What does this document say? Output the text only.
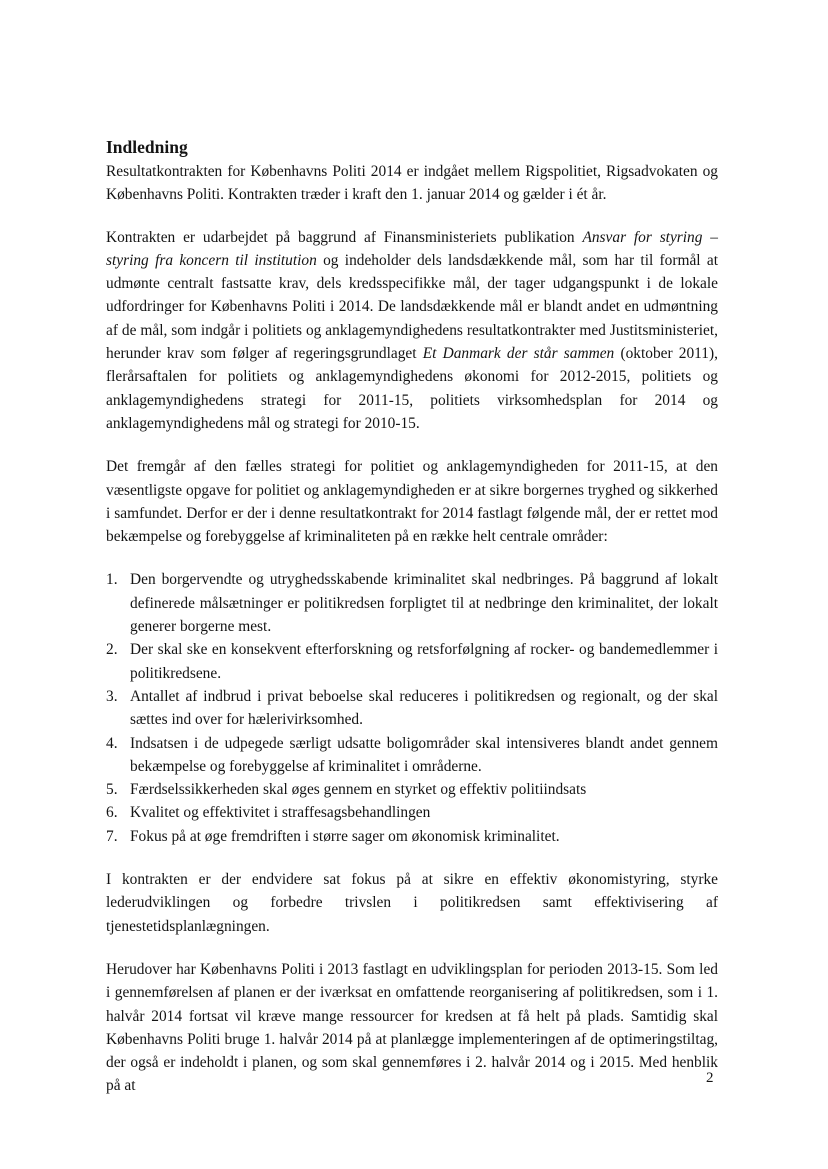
Indledning

Resultatkontrakten for Københavns Politi 2014 er indgået mellem Rigspolitiet, Rigsadvokaten og Københavns Politi. Kontrakten træder i kraft den 1. januar 2014 og gælder i ét år.

Kontrakten er udarbejdet på baggrund af Finansministeriets publikation Ansvar for styring – styring fra koncern til institution og indeholder dels landsdækkende mål, som har til formål at udmønte centralt fastsatte krav, dels kredsspecifikke mål, der tager udgangspunkt i de lokale udfordringer for Københavns Politi i 2014. De landsdækkende mål er blandt andet en udmøntning af de mål, som indgår i politiets og anklagemyndighedens resultatkontrakter med Justitsministeriet, herunder krav som følger af regeringsgrundlaget Et Danmark der står sammen (oktober 2011), flerårsaftalen for politiets og anklagemyndighedens økonomi for 2012-2015, politiets og anklagemyndighedens strategi for 2011-15, politiets virksomhedsplan for 2014 og anklagemyndighedens mål og strategi for 2010-15.

Det fremgår af den fælles strategi for politiet og anklagemyndigheden for 2011-15, at den væsentligste opgave for politiet og anklagemyndigheden er at sikre borgernes tryghed og sikkerhed i samfundet. Derfor er der i denne resultatkontrakt for 2014 fastlagt følgende mål, der er rettet mod bekæmpelse og forebyggelse af kriminaliteten på en række helt centrale områder:

1. Den borgervendte og utryghedsskabende kriminalitet skal nedbringes. På baggrund af lokalt definerede målsætninger er politikredsen forpligtet til at nedbringe den kriminalitet, der lokalt generer borgerne mest.
2. Der skal ske en konsekvent efterforskning og retsforfølgning af rocker- og bandemedlemmer i politikredsene.
3. Antallet af indbrud i privat beboelse skal reduceres i politikredsen og regionalt, og der skal sættes ind over for hælerivirksomhed.
4. Indsatsen i de udpegede særligt udsatte boligområder skal intensiveres blandt andet gennem bekæmpelse og forebyggelse af kriminalitet i områderne.
5. Færdselssikkerheden skal øges gennem en styrket og effektiv politiindsats
6. Kvalitet og effektivitet i straffesagsbehandlingen
7. Fokus på at øge fremdriften i større sager om økonomisk kriminalitet.

I kontrakten er der endvidere sat fokus på at sikre en effektiv økonomistyring, styrke lederudviklingen og forbedre trivslen i politikredsen samt effektivisering af tjenestetidsplanlægningen.

Herudover har Københavns Politi i 2013 fastlagt en udviklingsplan for perioden 2013-15. Som led i gennemførelsen af planen er der iværksat en omfattende reorganisering af politikredsen, som i 1. halvår 2014 fortsat vil kræve mange ressourcer for kredsen at få helt på plads. Samtidig skal Københavns Politi bruge 1. halvår 2014 på at planlægge implementeringen af de optimeringstiltag, der også er indeholdt i planen, og som skal gennemføres i 2. halvår 2014 og i 2015. Med henblik på at	2
